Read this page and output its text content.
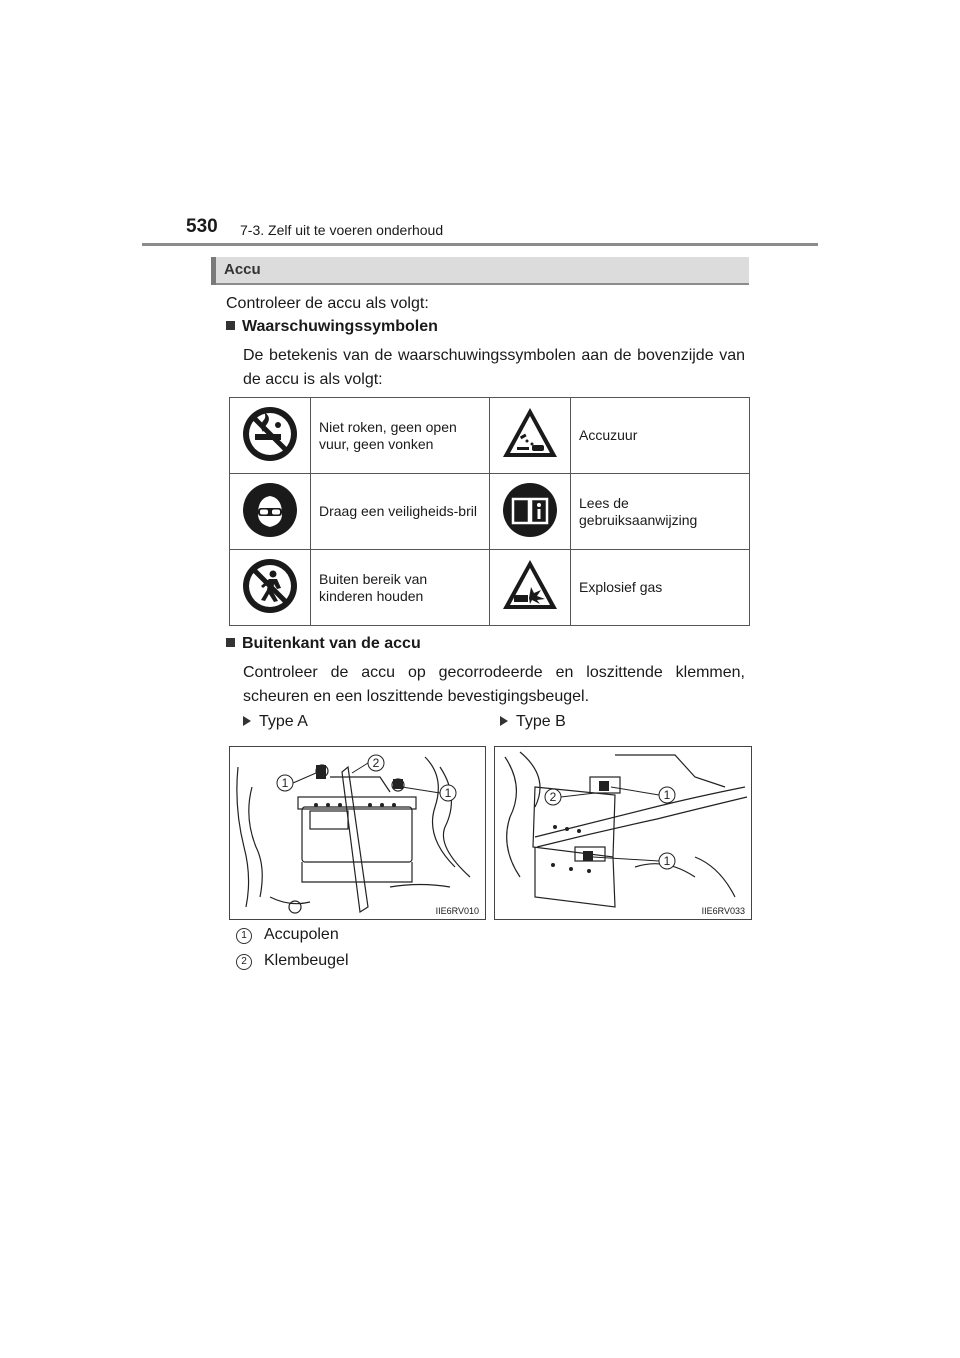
530 7-3. Zelf uit te voeren onderhoud
Accu
Controleer de accu als volgt:
Waarschuwingssymbolen
De betekenis van de waarschuwingssymbolen aan de bovenzijde van de accu is als volgt:
	Niet roken, geen open vuur, geen vonken		Accuzuur
	Draag een veiligheids-bril		Lees de gebruiksaanwijzing
	Buiten bereik van kinderen houden		Explosief gas
Buitenkant van de accu
Controleer de accu op gecorrodeerde en loszittende klemmen, scheuren en een loszittende bevestigingsbeugel.
Type A	Type B
1
2
1
IIE6RV010
2	1
1
IIE6RV033
1 Accupolen
2 Klembeugel
